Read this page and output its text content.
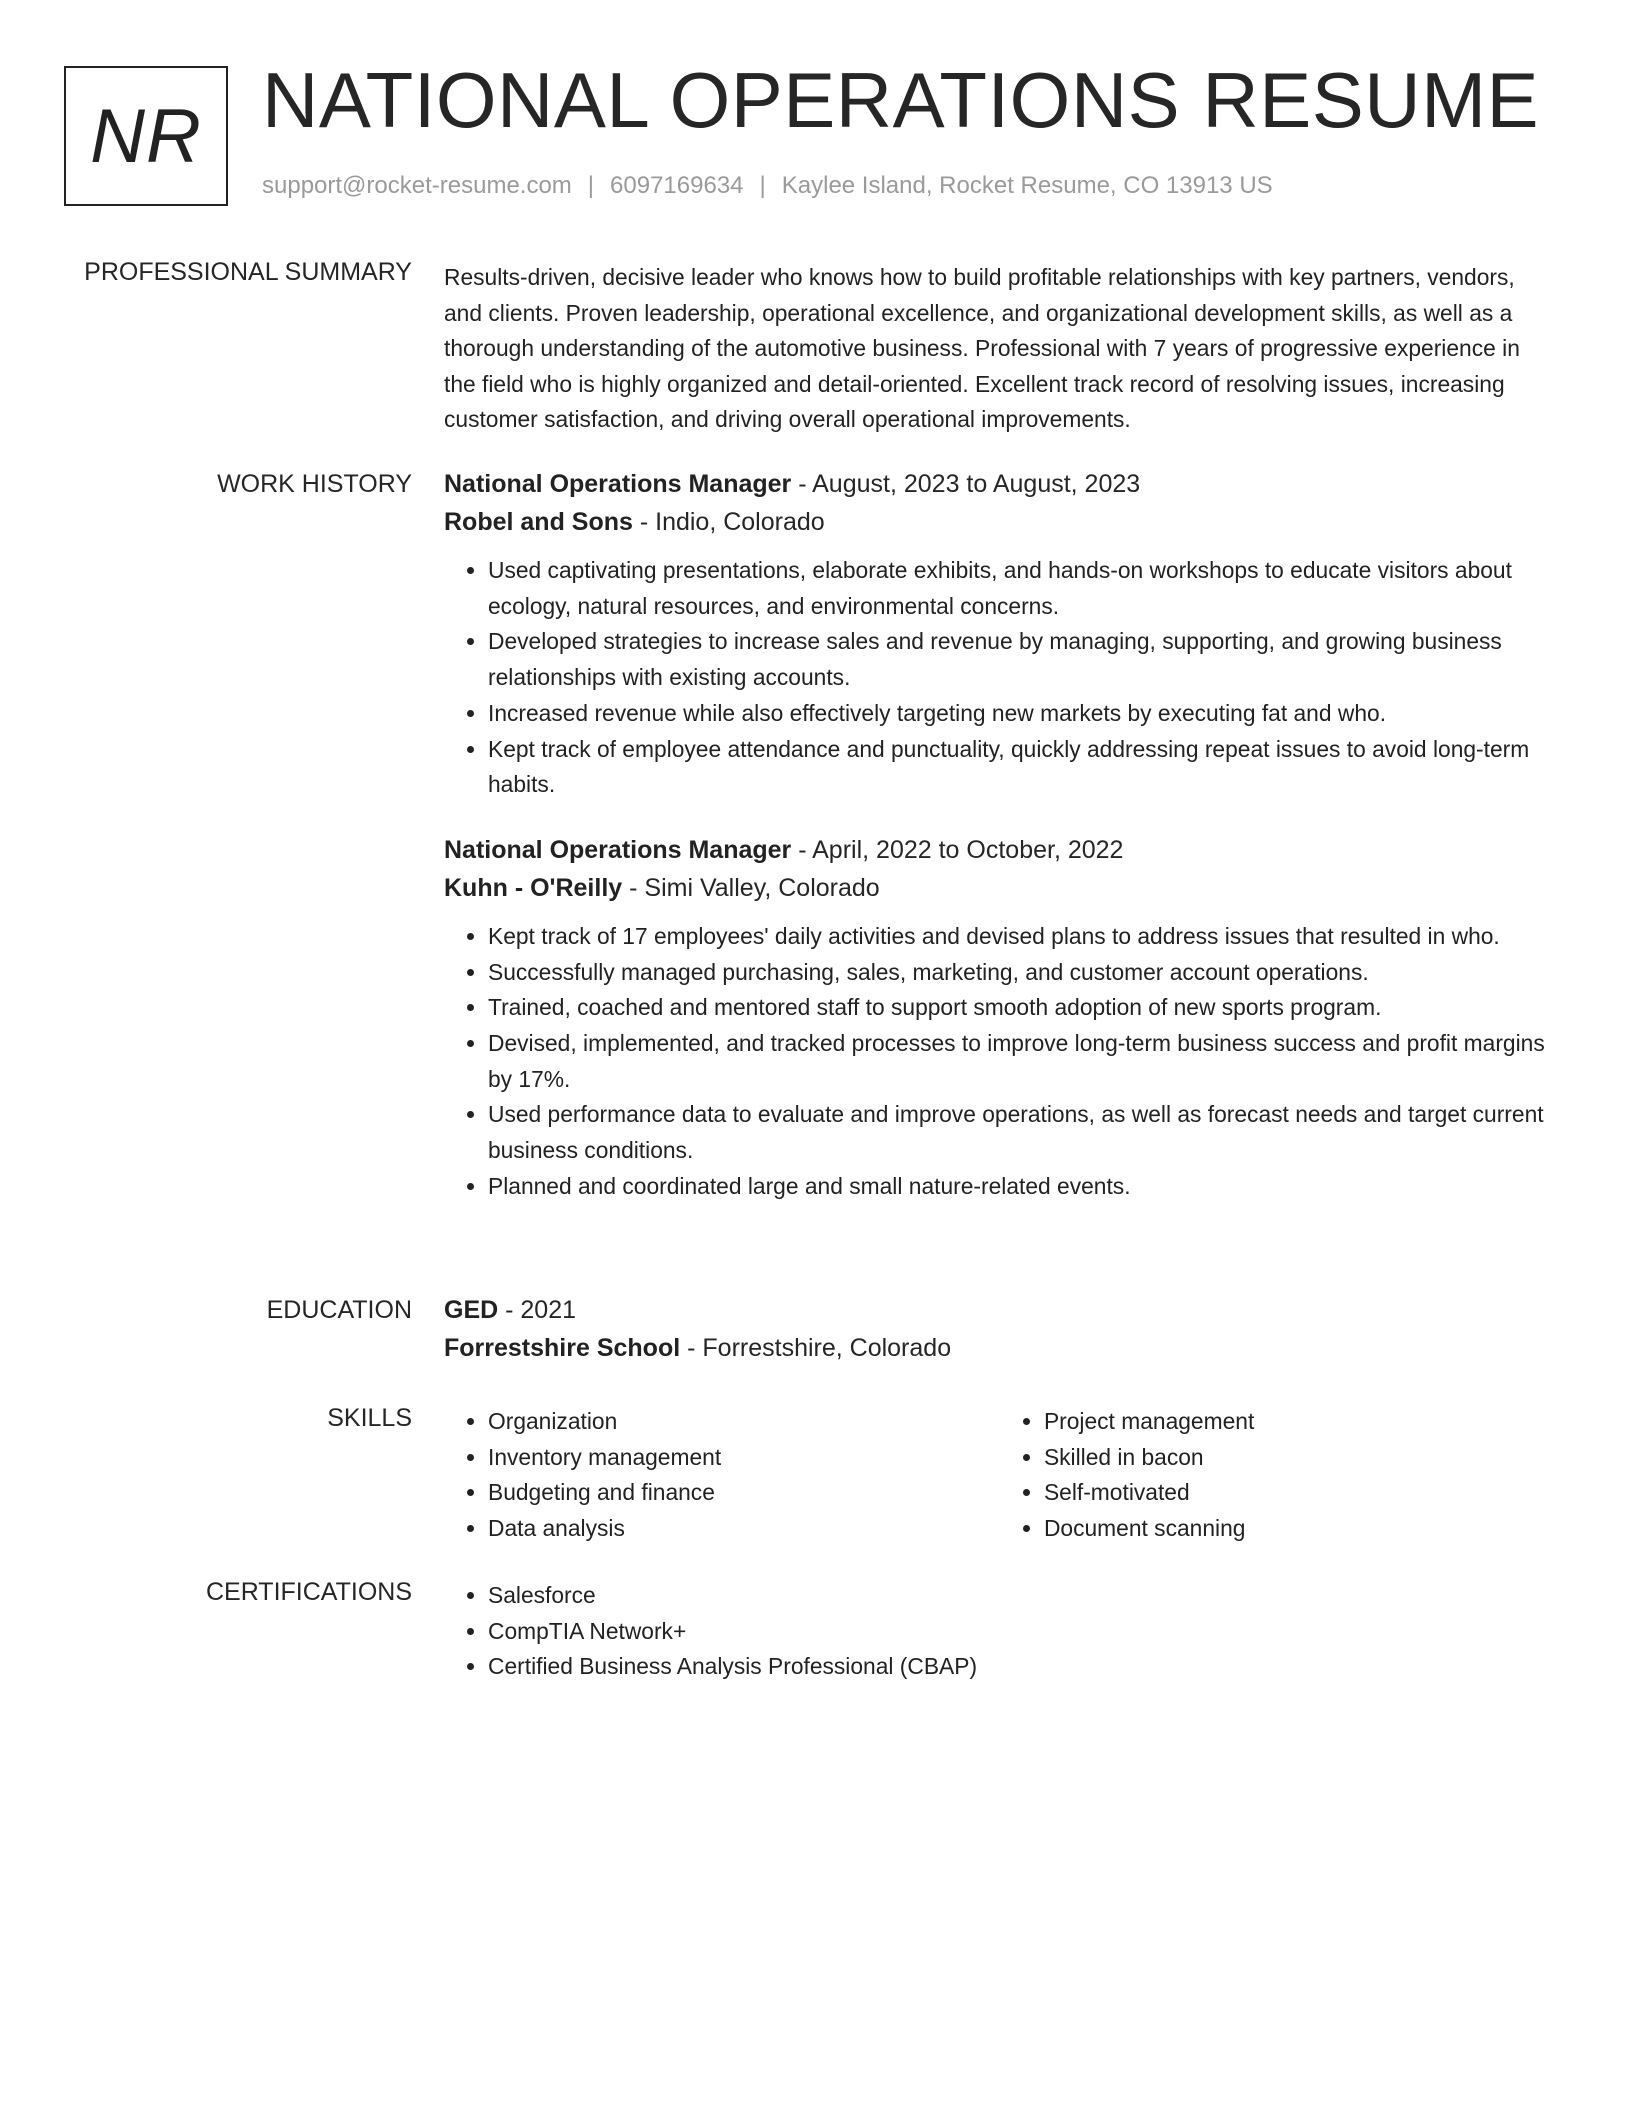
NR NATIONAL OPERATIONS RESUME
support@rocket-resume.com | 6097169634 | Kaylee Island, Rocket Resume, CO 13913 US
PROFESSIONAL SUMMARY Results-driven, decisive leader who knows how to build profitable relationships with key partners, vendors, and clients. Proven leadership, operational excellence, and organizational development skills, as well as a thorough understanding of the automotive business. Professional with 7 years of progressive experience in the field who is highly organized and detail-oriented. Excellent track record of resolving issues, increasing customer satisfaction, and driving overall operational improvements.

WORK HISTORY National Operations Manager - August, 2023 to August, 2023

Robel and Sons - Indio, Colorado

• Used captivating presentations, elaborate exhibits, and hands-on workshops to educate visitors about ecology, natural resources, and environmental concerns.
• Developed strategies to increase sales and revenue by managing, supporting, and growing business relationships with existing accounts.
• Increased revenue while also effectively targeting new markets by executing fat and who.
• Kept track of employee attendance and punctuality, quickly addressing repeat issues to avoid long-term habits.

National Operations Manager - April, 2022 to October, 2022

Kuhn - O'Reilly - Simi Valley, Colorado

• Kept track of 17 employees' daily activities and devised plans to address issues that resulted in who.
• Successfully managed purchasing, sales, marketing, and customer account operations.
• Trained, coached and mentored staff to support smooth adoption of new sports program.
• Devised, implemented, and tracked processes to improve long-term business success and profit margins by 17%.
• Used performance data to evaluate and improve operations, as well as forecast needs and target current business conditions.
• Planned and coordinated large and small nature-related events.
EDUCATION GED - 2021

Forrestshire School - Forrestshire, Colorado

SKILLS	• Organization
• Inventory management
• Budgeting and finance
• Data analysis
• Project management
• Skilled in bacon
• Self-motivated
• Document scanning
CERTIFICATIONS	• Salesforce
• CompTIA Network+
• Certified Business Analysis Professional (CBAP)
